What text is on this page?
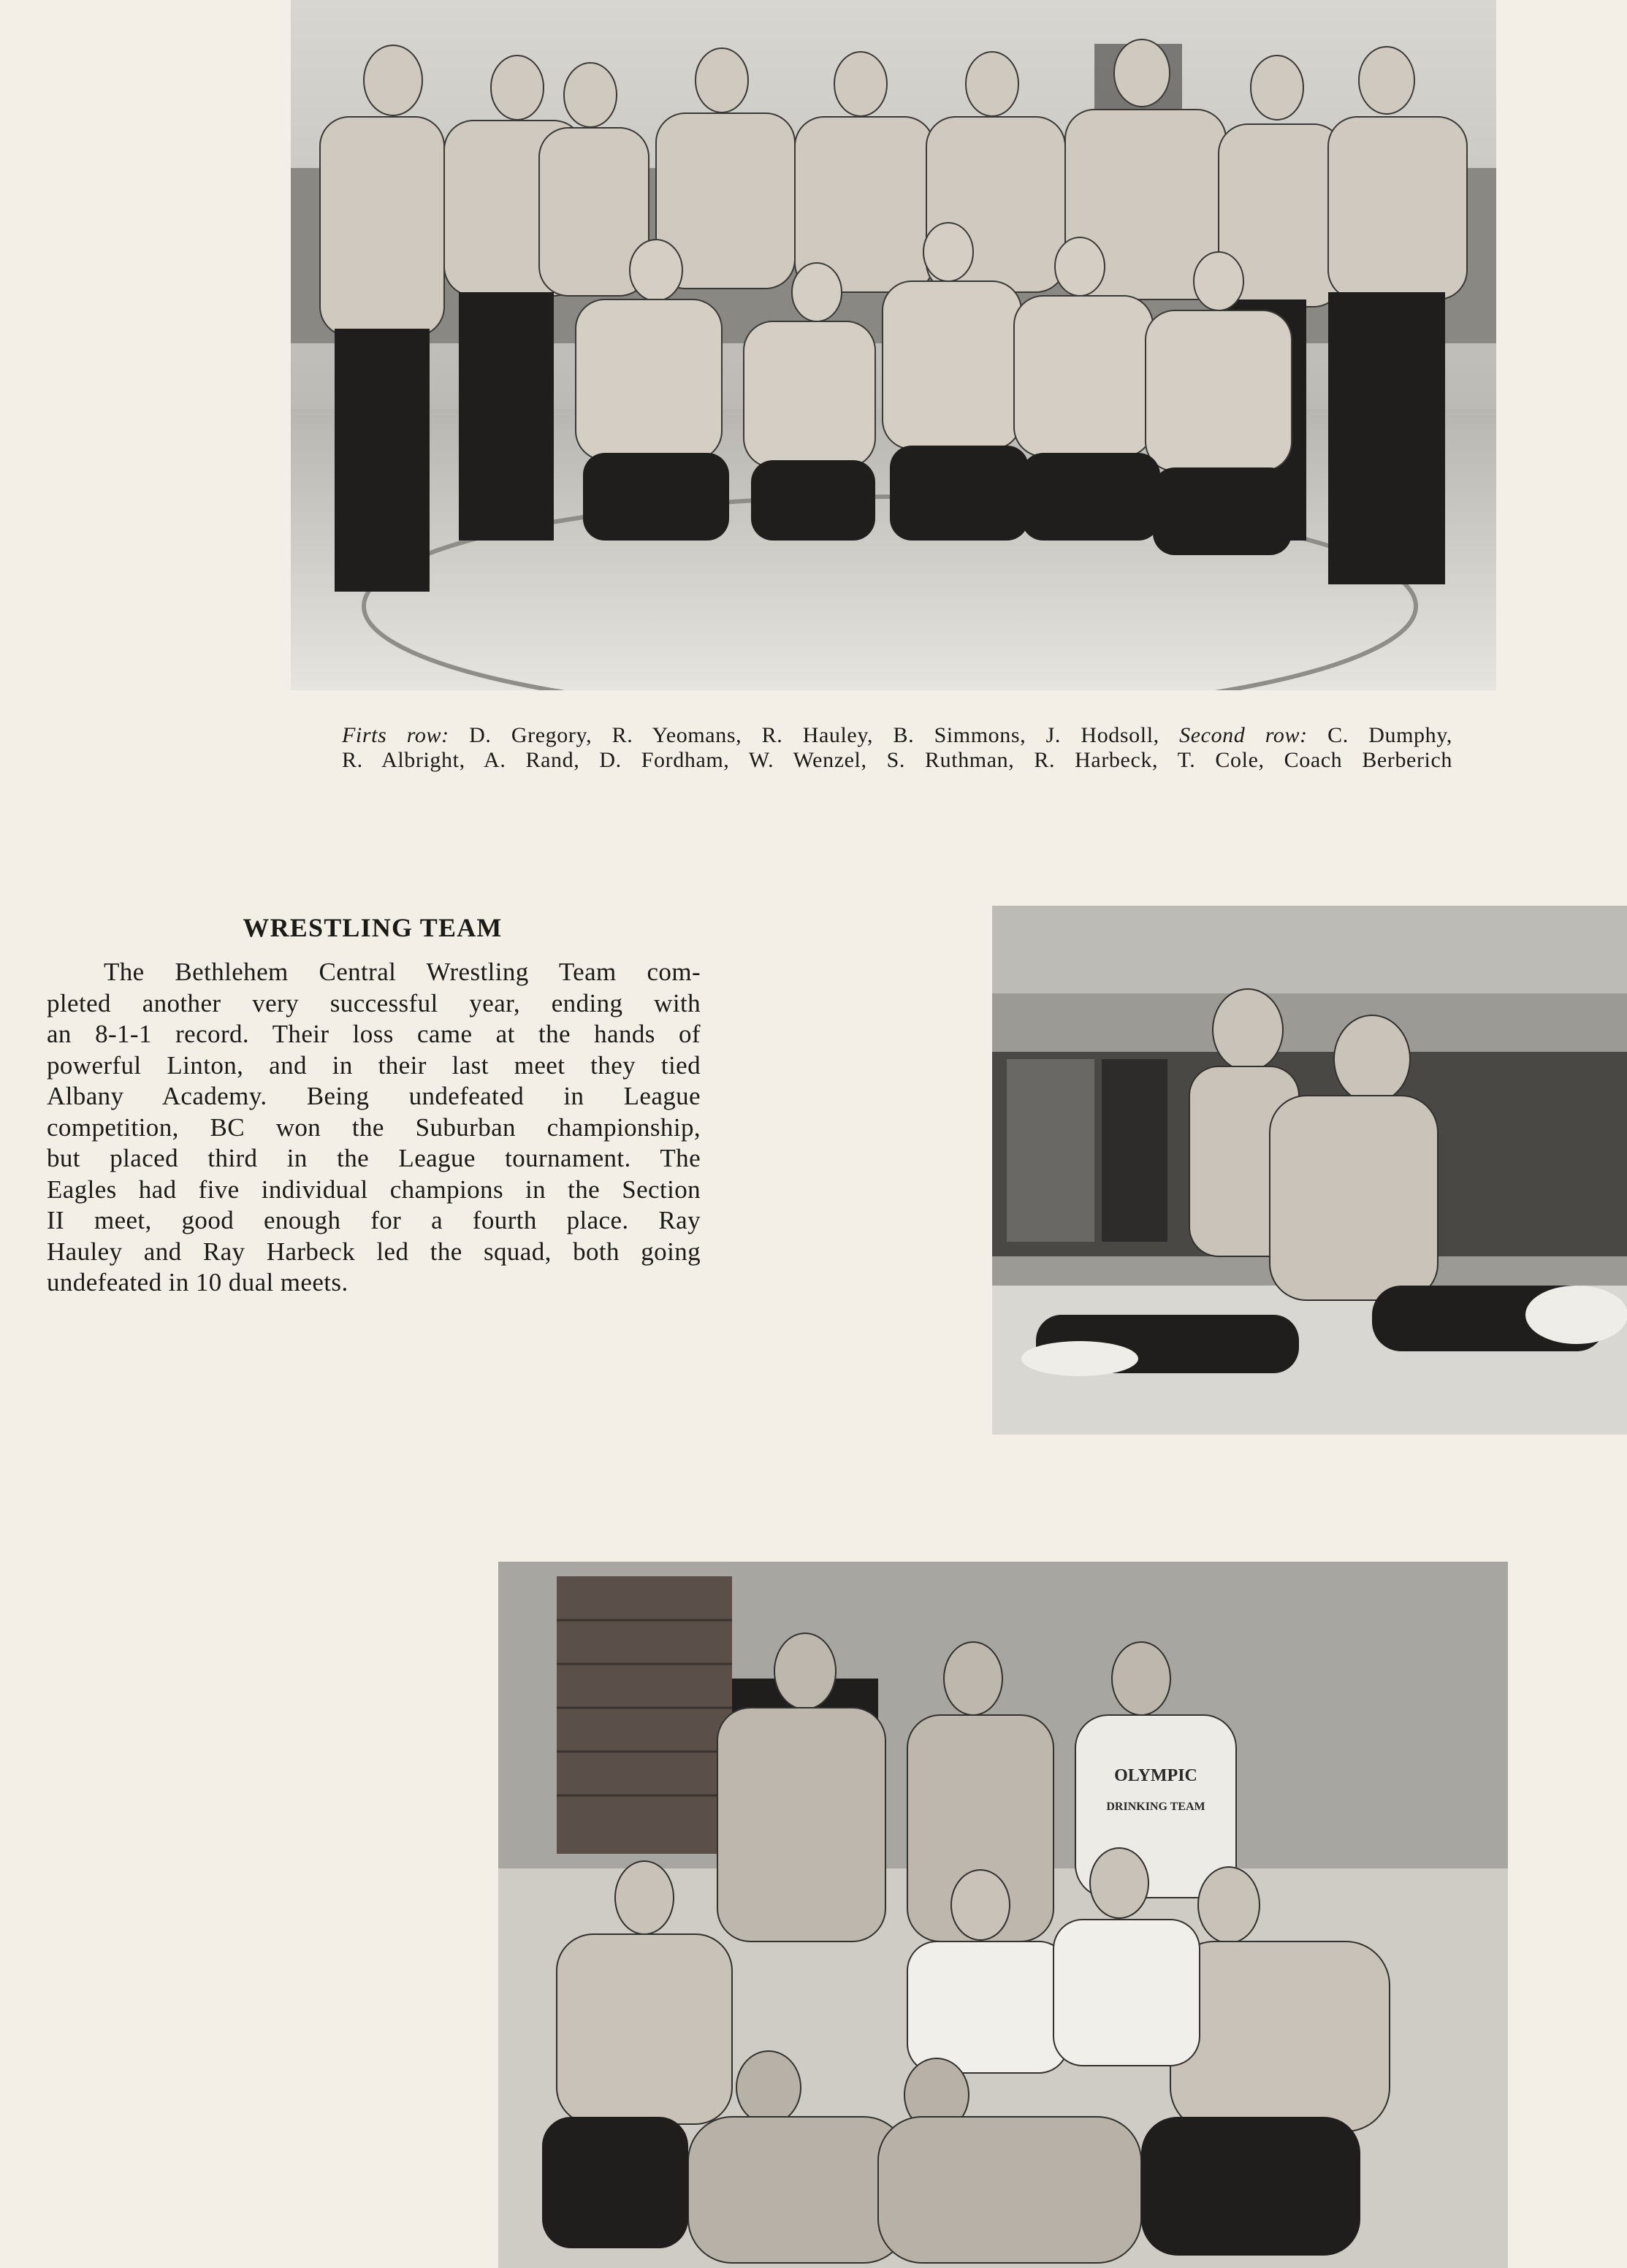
Firts row: D. Gregory, R. Yeomans, R. Hauley, B. Simmons, J. Hodsoll, Second row: C. Dumphy,
R. Albright, A. Rand, D. Fordham, W. Wenzel, S. Ruthman, R. Harbeck, T. Cole, Coach Berberich
WRESTLING TEAM
The Bethlehem Central Wrestling Team com-
pleted another very successful year, ending with
an 8-1-1 record. Their loss came at the hands of
powerful Linton, and in their last meet they tied
Albany Academy. Being undefeated in League
competition, BC won the Suburban championship,
but placed third in the League tournament. The
Eagles had five individual champions in the Section
II meet, good enough for a fourth place. Ray
Hauley and Ray Harbeck led the squad, both going
undefeated in 10 dual meets.
OLYMPIC
DRINKING TEAM
